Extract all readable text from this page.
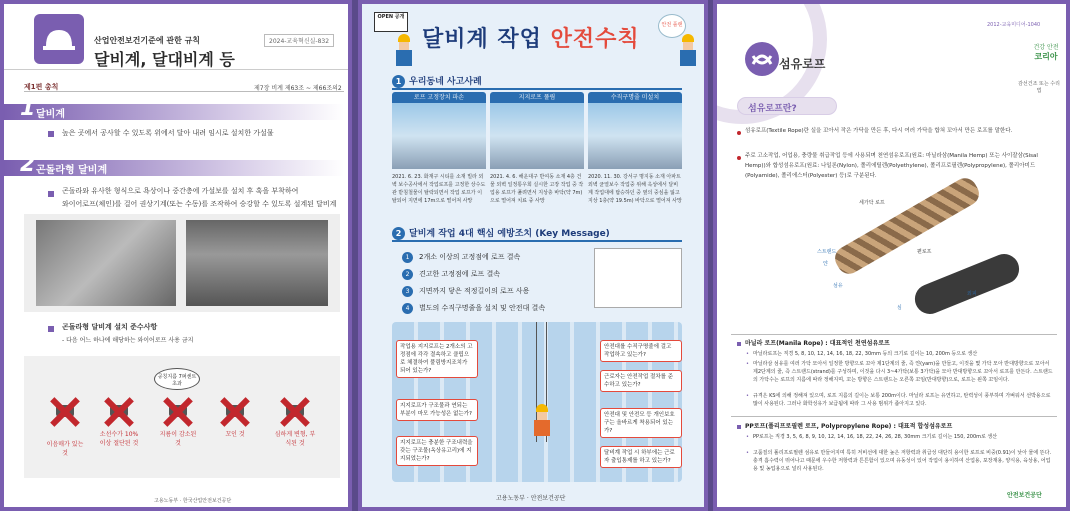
산업안전보건기준에 관한 규칙
달비계, 달대비계 등
2024-교육혁신실-832
제1편 총칙	제7장 비계 제63조 ~ 제66조의2
1 달비계
높은 곳에서 공사할 수 있도록 위에서 달아 내려 임시로 설치한 가설물
2 곤돌라형 달비계
곤돌라와 유사한 형식으로 욕상이나 중간층에 가설보를 설치 후 훅을 부착하여
와이어로프(체인)를 걸어 권상기계(또는 수동)를 조작하여 승강할 수 있도록 설계된 달비계
곤돌라형 달비계 설치 준수사항
- 다음 어느 하나에 해당하는 와이어로프 사용 금지
공칭지름 7퍼센트 초과
이음매가 있는 것
소선수가 10% 이상 절단된 것
지름이 감소된 것
꼬인 것	심하게 변형, 부식된 것
고용노동부 · 한국산업안전보건공단
OPEN 공개
달비계 작업 안전수칙
안전 플랜
1 우리동네 사고사례
로프 고정장치 파손
2021. 6. 23. 화재구 시티를 소재 빌라 외벽 보수공사에서 작업로프를 고정한 상수도관 받침철물이 탈락되면서 작업 로프가 이탈되어 지면에 17m으로 떨어져 사망
지지로프 풀림
2021. 4. 6. 해운대구 반여동 소재 4층 건물 외벽 일정통우희 실시한 고장 작업 중 작업용 로프가 풀려면서 지상층 바닥(약 7m)으로 떨어져 치료 중 사망
수직구명줄 미설치
2020. 11. 30. 강서구 명지동 소재 아파트 외벽 균열보수 작업중 위해 옥상에서 달비계 작업대에 탑승하던 중 옆의 중심을 잃고 지상 1층(약 19.5m) 바닥으로 떨어져 사망
2 달비계 작업 4대 핵심 예방조치 (Key Message)
1 2개소 이상의 고정점에 로프 결속
2 견고한 고정점에 로프 결속
3 지면까지 닿은 적정길이의 로프 사용
4 별도의 수직구명줄을 설치 및 안전대 결속
작업용 지지로프는 2개소의 고정점에 각각 결속하고 클립으로 체결하여 풀림방지조치가 되어 있는가?
지지로프가 구조물과 연되는 부분이 마모 가능성은 없는가?
지지로프는 충분한 구조내력을 갖는 구조물(옥상유고리)에 지지되었는가?
안전대를 수직구명줄에 걸고 작업하고 있는가?
근로자는 안전작업 절차를 준수하고 있는가?
안전대 및 안전모 등 개인보호구는 올바르게 착용되어 있는가?
달비계 작업 시 하부에는 근로자 출입통제를 하고 있는가?
고용노동부 · 안전보건공단
2012-교육미디어-1040
섬유로프
건강 안전
코리아
감선건조 또는 수리법
섬유로프란?
섬유로프(Textile Rope)란 실을 꼬아서 작은 가닥을 만든 후, 다시 여러 가닥을 합쳐 꼬아서 만든 로프를 말한다.
주로 고소작업, 어업용, 충량물 취급작업 등에 사용되며 천연섬유로프(원료: 마닐라삼(Manila Hemp) 또는 사이잘삼(Sisal Hemp))와 합성섬유로프(원료: 나일론(Nylon), 폴리에틸렌(Polyethylene), 폴리프로필렌(Polypropylene), 폴리아미드(Polyamide), 폴리에스터(Polyester) 등)로 구분된다.
세가닥 로프
편로프
스트랜드
얀
섬유
외피
심
마닐라 로프(Manila Rope) : 대표적인 천연섬유로프
• 마닐라로프는 직경 5, 8, 10, 12, 14, 16, 18, 22, 30mm 등의 크기로 길이는 10, 200m 등으로 생산
• 마닐라삼 섬유를 여러 가닥 모아서 일정한 방향으로 꼬아 제1단계의 줄, 즉 얀(yarn)을 만들고, 이것을 몇 가닥 모아 반대방향으로 꼬아서 제2단계의 줄, 즉 스트랜드(strand)를 구성하며, 이것을 다시 3~4가닥(보통 3가닥)을 모아 반대방향으로 꼬아서 로프를 만든다. 스트랜드의 가닥수는 로프의 지름에 따라 정해지며, 꼬는 방향은 스트랜드는 오른쪽 꼬임(반대방향)으로, 로프는 왼쪽 꼬임이다.
• 규격은 KS에 의해 정해져 있으며, 로프 지름의 길이는 보통 200m이다. 마닐라 로프는 유연하고, 탄력성이 풍부하며 가벼워서 선박용으로 많이 사용된다. 그러나 화학성유가 보급됨에 따라 그 사용 범위가 좁아지고 있다.
PP로프(폴리프로필렌 로프, Polypropylene Rope) : 대표적 합성섬유로프
• PP로프는 직경 3, 5, 6, 8, 9, 10, 12, 14, 16, 18, 22, 24, 26, 28, 30mm 크기로 길이는 150, 200m로 생산
• 고품질의 폴리프로필렌 섬유로 만들어지며 특히 저비선에 대한 높은 저항력과 취급성 대단히 용이한 로프로 비중(0.91)이 낮아 물에 뜬다. 충격 흡수력이 뛰어나고 때문에 우수한 저항력과 튼튼함이 있으며 유동성이 있어 작업이 용이하여 산업용, 포장재용, 양식용, 육상용, 어업용 및 농업용으로 널리 사용된다.
안전보건공단
